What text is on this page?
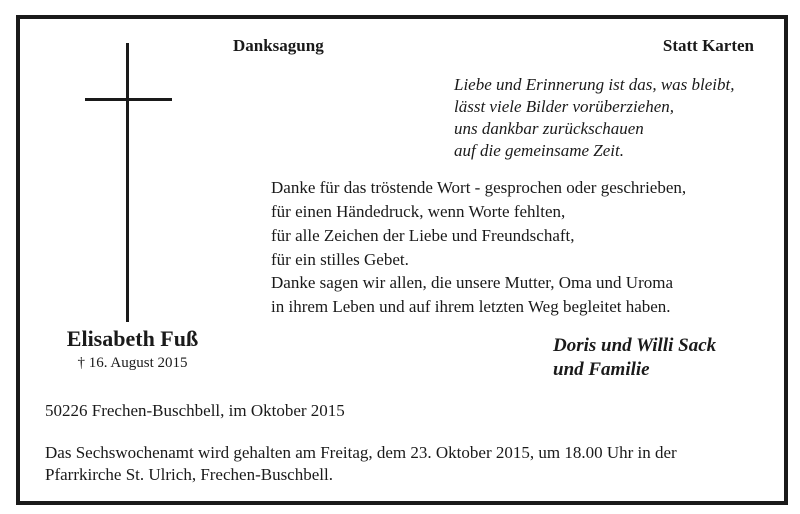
Danksagung	Statt Karten
Liebe und Erinnerung ist das, was bleibt,
lässt viele Bilder vorüberziehen,
uns dankbar zurückschauen
auf die gemeinsame Zeit.
Danke für das tröstende Wort - gesprochen oder geschrieben,
für einen Händedruck, wenn Worte fehlten,
für alle Zeichen der Liebe und Freundschaft,
für ein stilles Gebet.
Danke sagen wir allen, die unsere Mutter, Oma und Uroma
in ihrem Leben und auf ihrem letzten Weg begleitet haben.
Elisabeth Fuß
† 16. August 2015
Doris und Willi Sack
und Familie
50226 Frechen-Buschbell, im Oktober 2015
Das Sechswochenamt wird gehalten am Freitag, dem 23. Oktober 2015, um 18.00 Uhr in der
Pfarrkirche St. Ulrich, Frechen-Buschbell.
